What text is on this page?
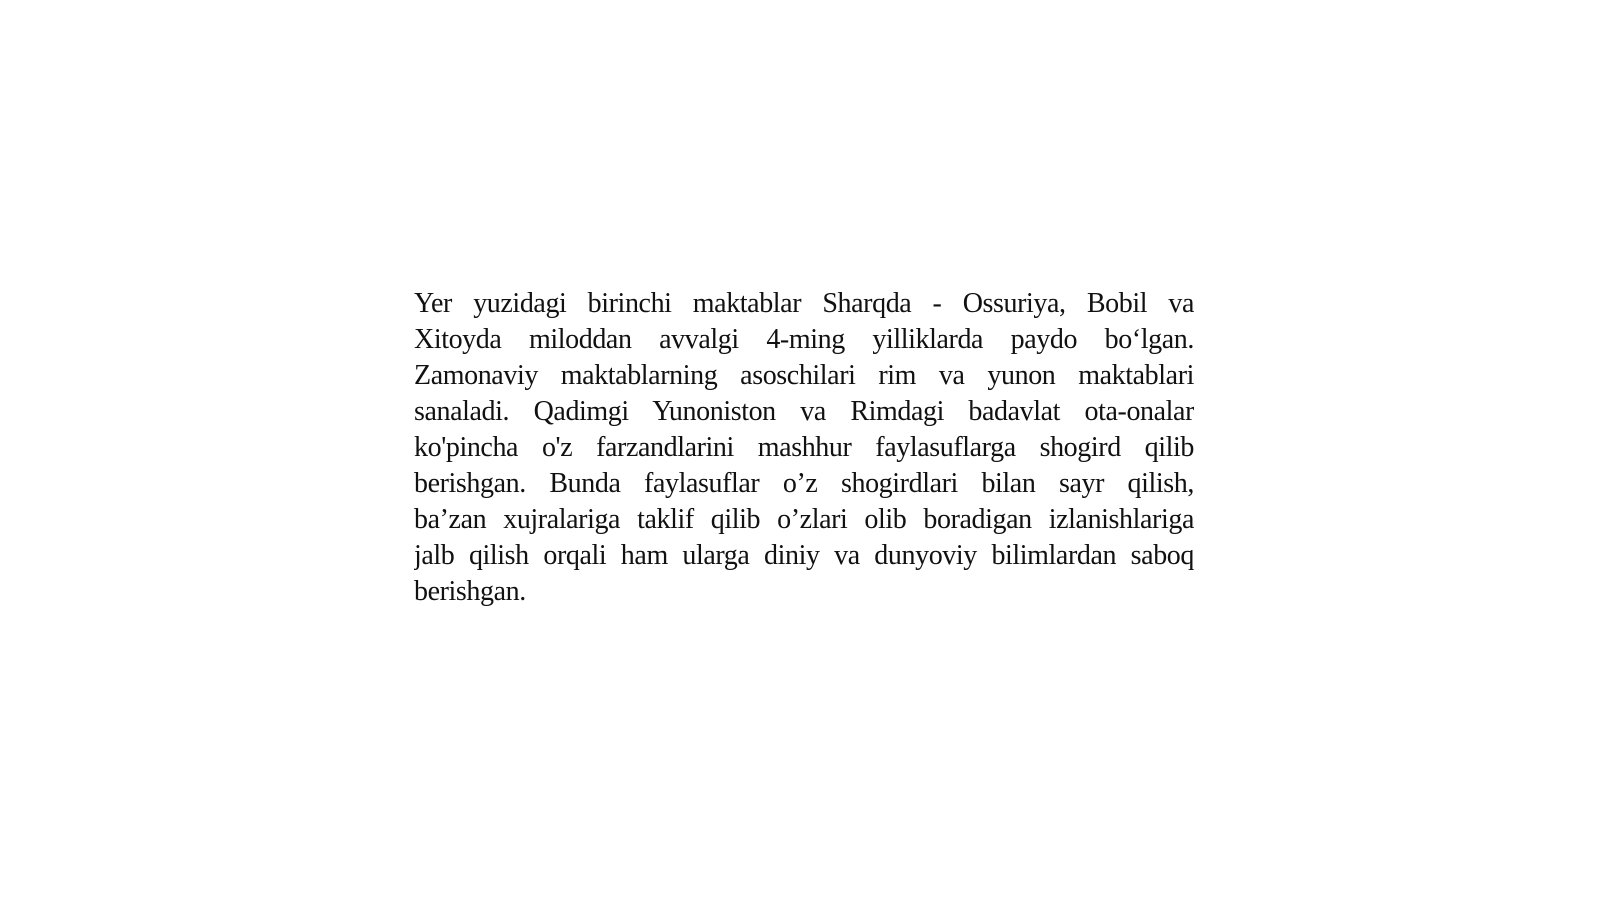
Yer yuzidagi birinchi maktablar Sharqda - Ossuriya, Bobil va
Xitoyda miloddan avvalgi 4-ming yilliklarda paydo bo‘lgan.
Zamonaviy maktablarning asoschilari rim va yunon maktablari
sanaladi. Qadimgi Yunoniston va Rimdagi badavlat ota-onalar
ko'pincha o'z farzandlarini mashhur faylasuflarga shogird qilib
berishgan. Bunda faylasuflar o’z shogirdlari bilan sayr qilish,
ba’zan xujralariga taklif qilib o’zlari olib boradigan izlanishlariga
jalb qilish orqali ham ularga diniy va dunyoviy bilimlardan saboq
berishgan.
